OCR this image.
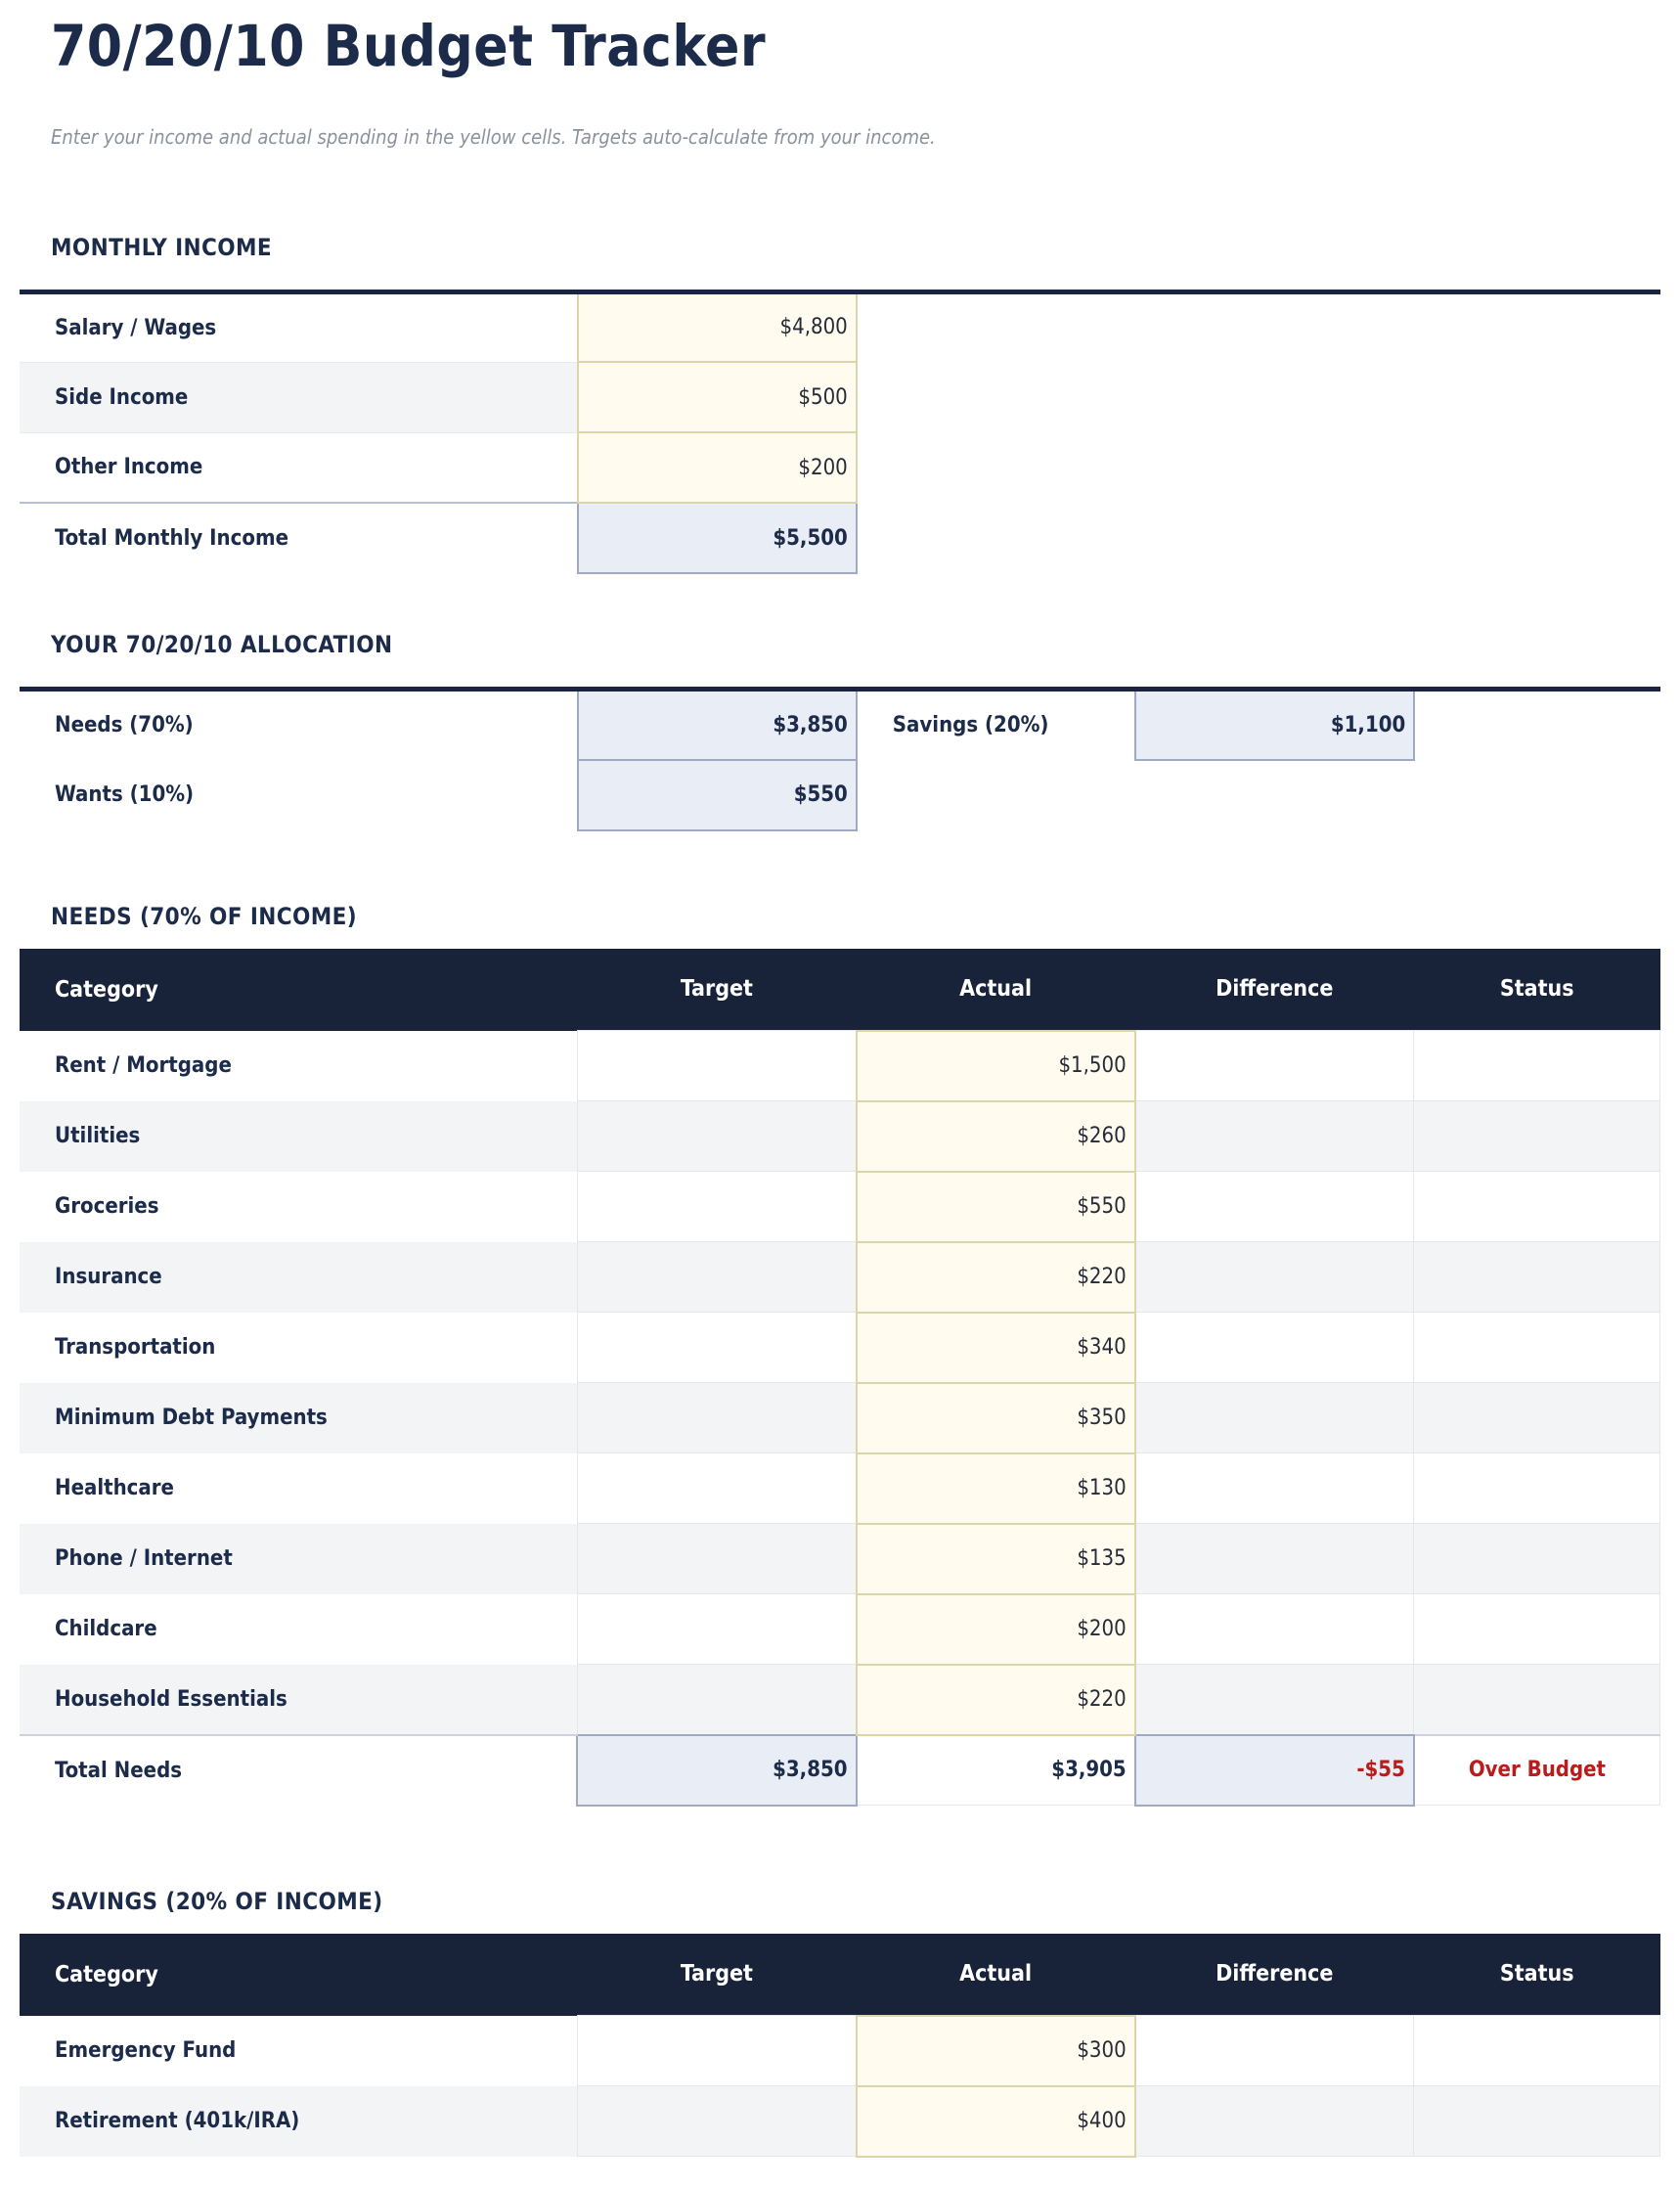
70/20/10 Budget Tracker

Enter your income and actual spending in the yellow cells. Targets auto-calculate from your income.

MONTHLY INCOME
Salary / Wages	$4,800	
Side Income	$500	
Other Income	$200	
Total Monthly Income	$5,500	
YOUR 70/20/10 ALLOCATION
Needs (70%)	$3,850	Savings (20%)	$1,100	
Wants (10%)	$550			
NEEDS (70% OF INCOME)
Category	Target	Actual	Difference	Status
Rent / Mortgage		$1,500		
Utilities		$260		
Groceries		$550		
Insurance		$220		
Transportation		$340		
Minimum Debt Payments		$350		
Healthcare		$130		
Phone / Internet		$135		
Childcare		$200		
Household Essentials		$220		
Total Needs	$3,850	$3,905	-$55	Over Budget
SAVINGS (20% OF INCOME)
Category	Target	Actual	Difference	Status
Emergency Fund		$300		
Retirement (401k/IRA)		$400		
